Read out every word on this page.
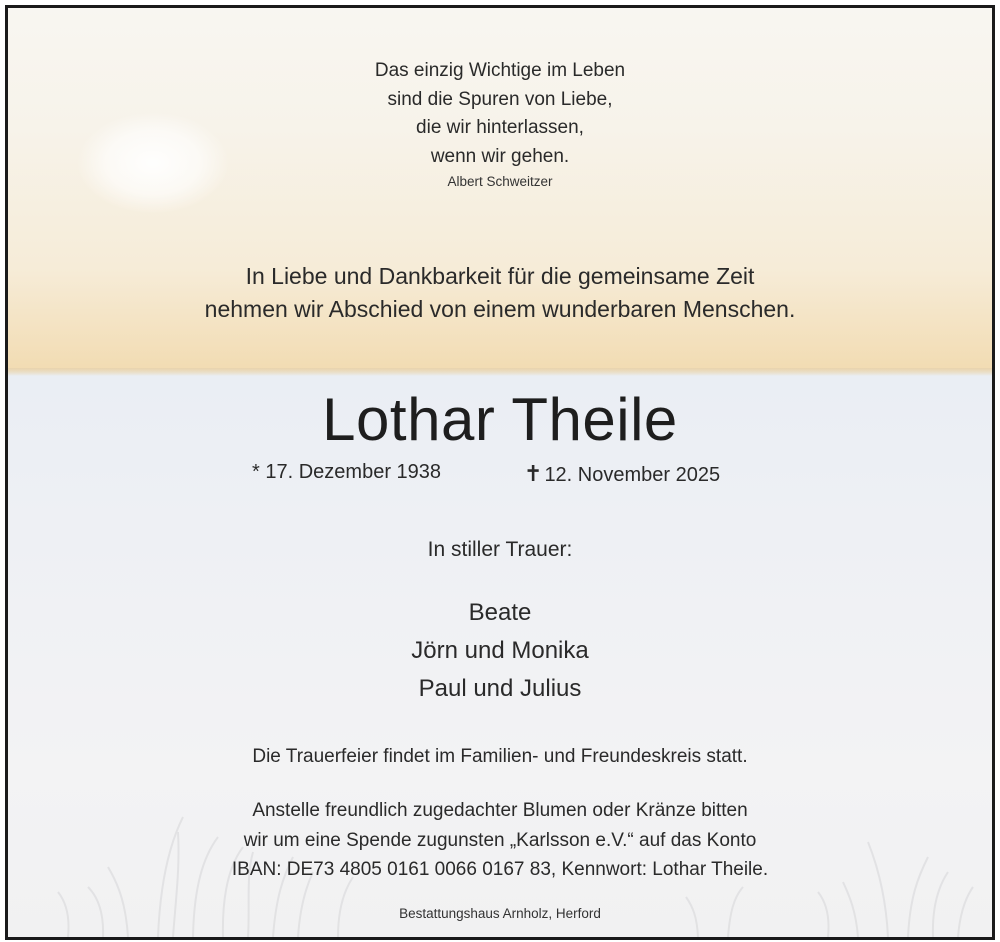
Das einzig Wichtige im Leben
sind die Spuren von Liebe,
die wir hinterlassen,
wenn wir gehen.
Albert Schweitzer
In Liebe und Dankbarkeit für die gemeinsame Zeit
nehmen wir Abschied von einem wunderbaren Menschen.
Lothar Theile
* 17. Dezember 1938	✝ 12. November 2025
In stiller Trauer:
Beate
Jörn und Monika
Paul und Julius
Die Trauerfeier findet im Familien- und Freundeskreis statt.
Anstelle freundlich zugedachter Blumen oder Kränze bitten
wir um eine Spende zugunsten „Karlsson e.V.“ auf das Konto
IBAN: DE73 4805 0161 0066 0167 83, Kennwort: Lothar Theile.
Bestattungshaus Arnholz, Herford
